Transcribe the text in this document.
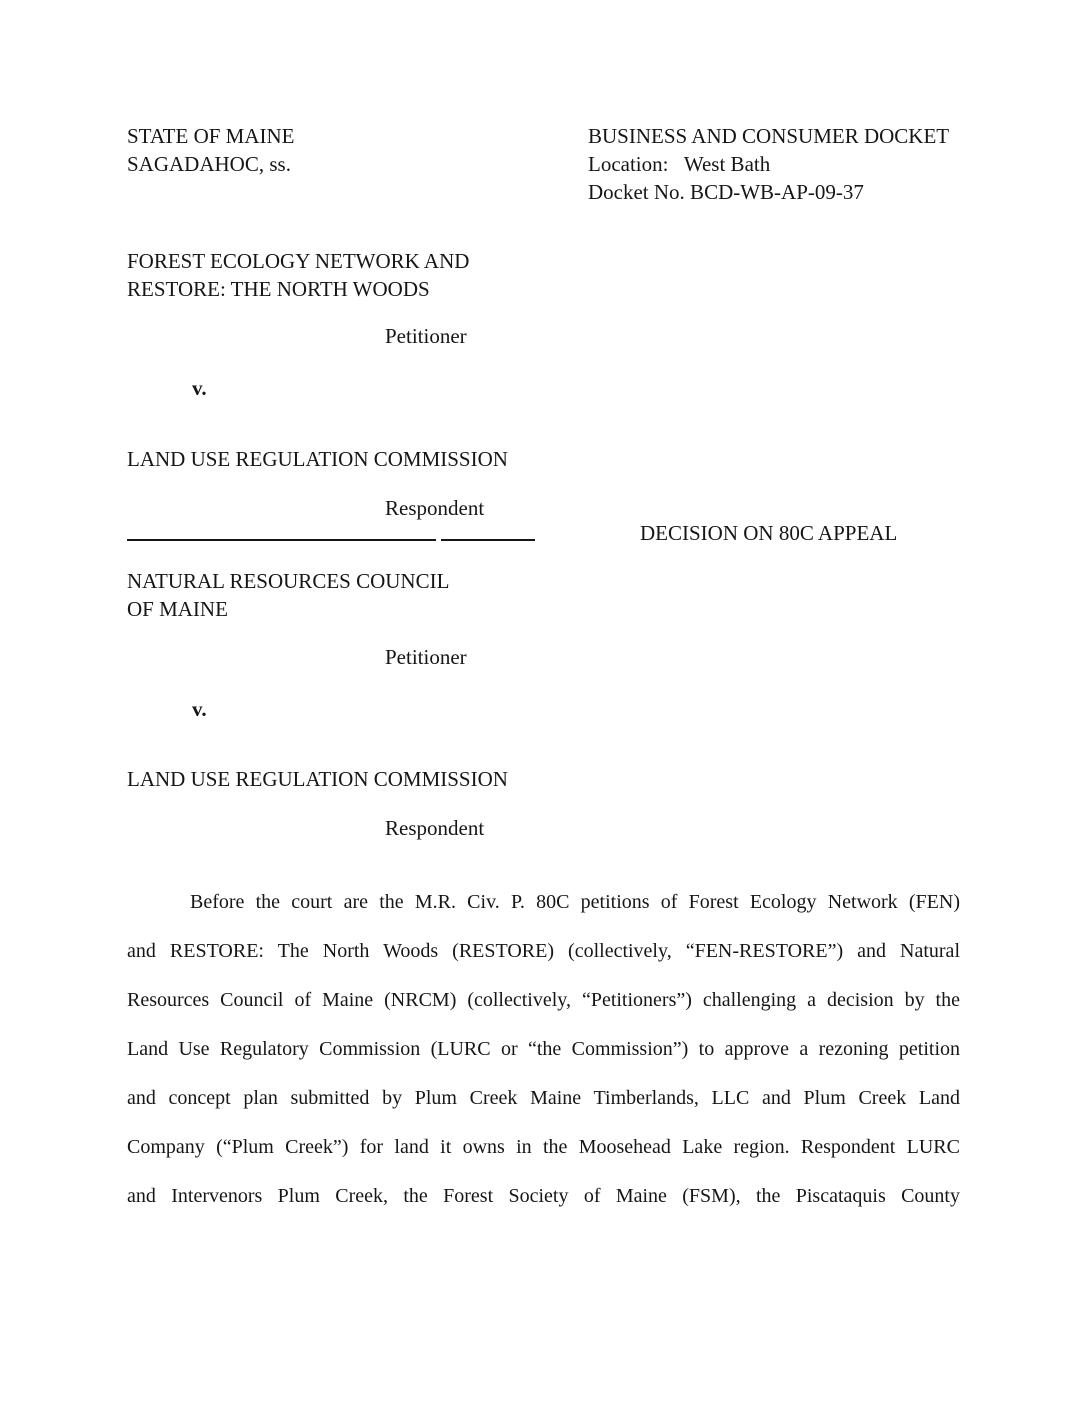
STATE OF MAINE
SAGADAHOC, ss.
BUSINESS AND CONSUMER DOCKET
Location:   West Bath
Docket No. BCD-WB-AP-09-37
FOREST ECOLOGY NETWORK AND
RESTORE: THE NORTH WOODS
Petitioner
v.
LAND USE REGULATION COMMISSION
Respondent
DECISION ON 80C APPEAL
NATURAL RESOURCES COUNCIL
OF MAINE
Petitioner
v.
LAND USE REGULATION COMMISSION
Respondent
Before the court are the M.R. Civ. P. 80C petitions of Forest Ecology Network (FEN)
and RESTORE: The North Woods (RESTORE) (collectively, “FEN-RESTORE”) and Natural
Resources Council of Maine (NRCM) (collectively, “Petitioners”) challenging a decision by the
Land Use Regulatory Commission (LURC or “the Commission”) to approve a rezoning petition
and concept plan submitted by Plum Creek Maine Timberlands, LLC and Plum Creek Land
Company (“Plum Creek”) for land it owns in the Moosehead Lake region. Respondent LURC
and Intervenors Plum Creek, the Forest Society of Maine (FSM), the Piscataquis County
